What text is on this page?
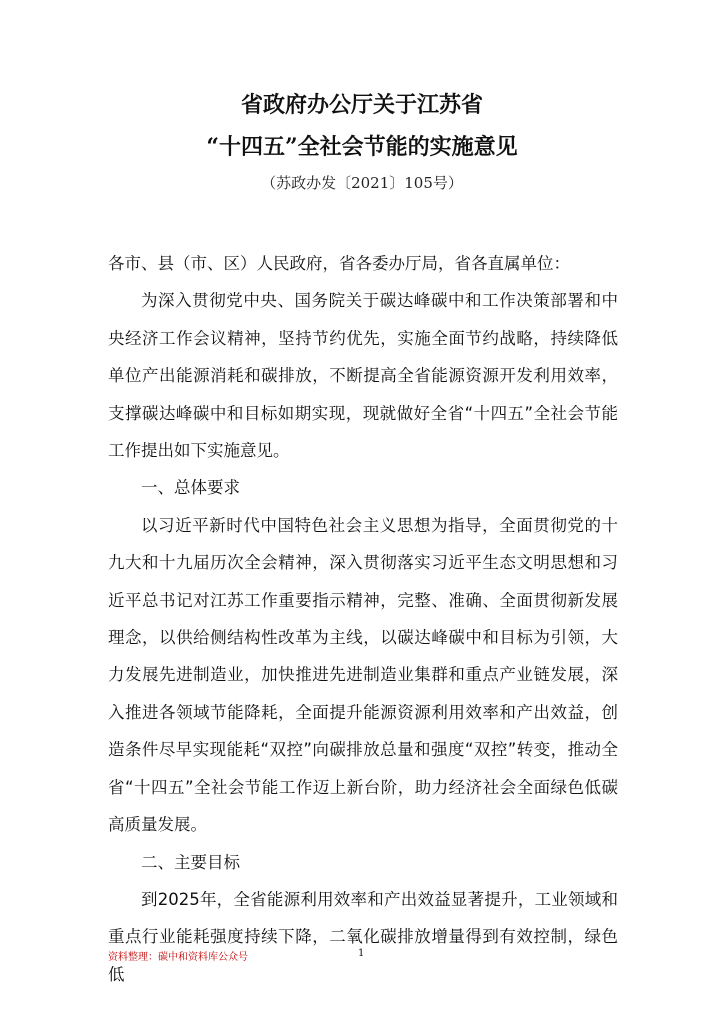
省政府办公厅关于江苏省
“十四五”全社会节能的实施意见
（苏政办发〔2021〕105号）

各市、县（市、区）人民政府，省各委办厅局，省各直属单位：

为深入贯彻党中央、国务院关于碳达峰碳中和工作决策部署和中央经济工作会议精神，坚持节约优先，实施全面节约战略，持续降低单位产出能源消耗和碳排放，不断提高全省能源资源开发利用效率，支撑碳达峰碳中和目标如期实现，现就做好全省“十四五”全社会节能工作提出如下实施意见。

一、总体要求

以习近平新时代中国特色社会主义思想为指导，全面贯彻党的十九大和十九届历次全会精神，深入贯彻落实习近平生态文明思想和习近平总书记对江苏工作重要指示精神，完整、准确、全面贯彻新发展理念，以供给侧结构性改革为主线，以碳达峰碳中和目标为引领，大力发展先进制造业，加快推进先进制造业集群和重点产业链发展，深入推进各领域节能降耗，全面提升能源资源利用效率和产出效益，创造条件尽早实现能耗“双控”向碳排放总量和强度“双控”转变，推动全省“十四五”全社会节能工作迈上新台阶，助力经济社会全面绿色低碳高质量发展。

二、主要目标

到2025年，全省能源利用效率和产出效益显著提升，工业领域和重点行业能耗强度持续下降，二氧化碳排放增量得到有效控制，绿色低

资料整理：碳中和资料库公众号	1
